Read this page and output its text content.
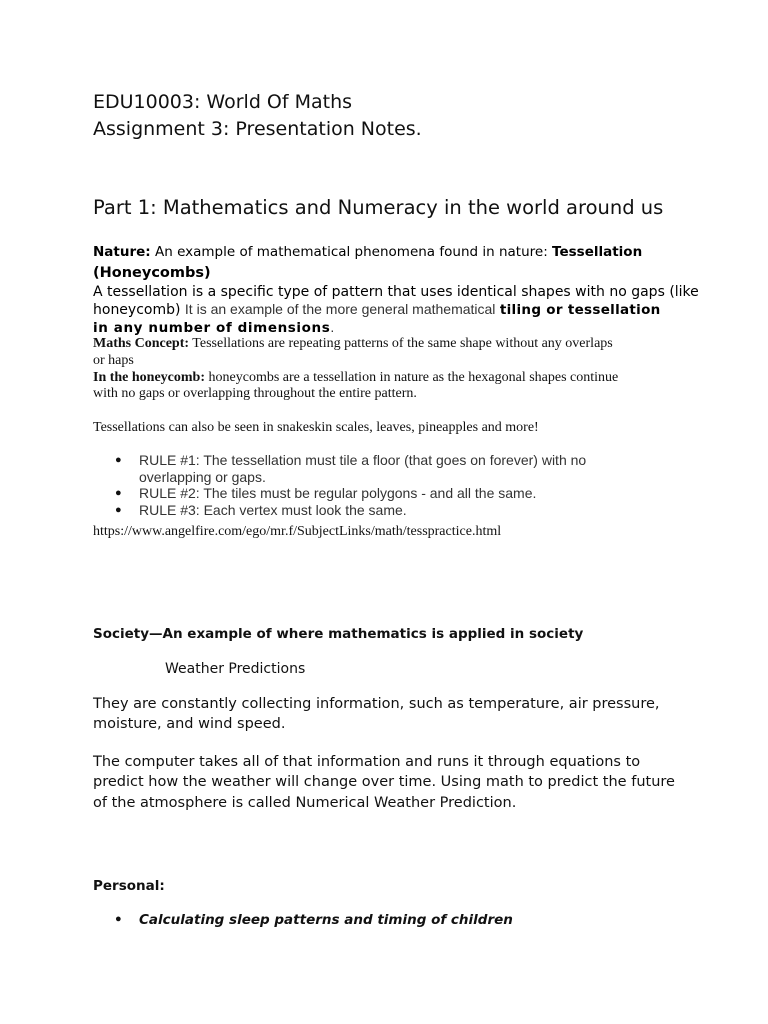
EDU10003: World Of Maths
Assignment 3: Presentation Notes.
Part 1: Mathematics and Numeracy in the world around us
Nature: An example of mathematical phenomena found in nature: Tessellation
(Honeycombs)
A tessellation is a specific type of pattern that uses identical shapes with no gaps (like
honeycomb) It is an example of the more general mathematical tiling or tessellation
in any number of dimensions.
Maths Concept: Tessellations are repeating patterns of the same shape without any overlaps
or haps
In the honeycomb: honeycombs are a tessellation in nature as the hexagonal shapes continue
with no gaps or overlapping throughout the entire pattern.
Tessellations can also be seen in snakeskin scales, leaves, pineapples and more!
● RULE #1: The tessellation must tile a floor (that goes on forever) with no
overlapping or gaps.
● RULE #2: The tiles must be regular polygons - and all the same.
● RULE #3: Each vertex must look the same.
https://www.angelfire.com/ego/mr.f/SubjectLinks/math/tesspractice.html
Society—An example of where mathematics is applied in society
Weather Predictions
They are constantly collecting information, such as temperature, air pressure,
moisture, and wind speed.
The computer takes all of that information and runs it through equations to
predict how the weather will change over time. Using math to predict the future
of the atmosphere is called Numerical Weather Prediction.
Personal:
● Calculating sleep patterns and timing of children
